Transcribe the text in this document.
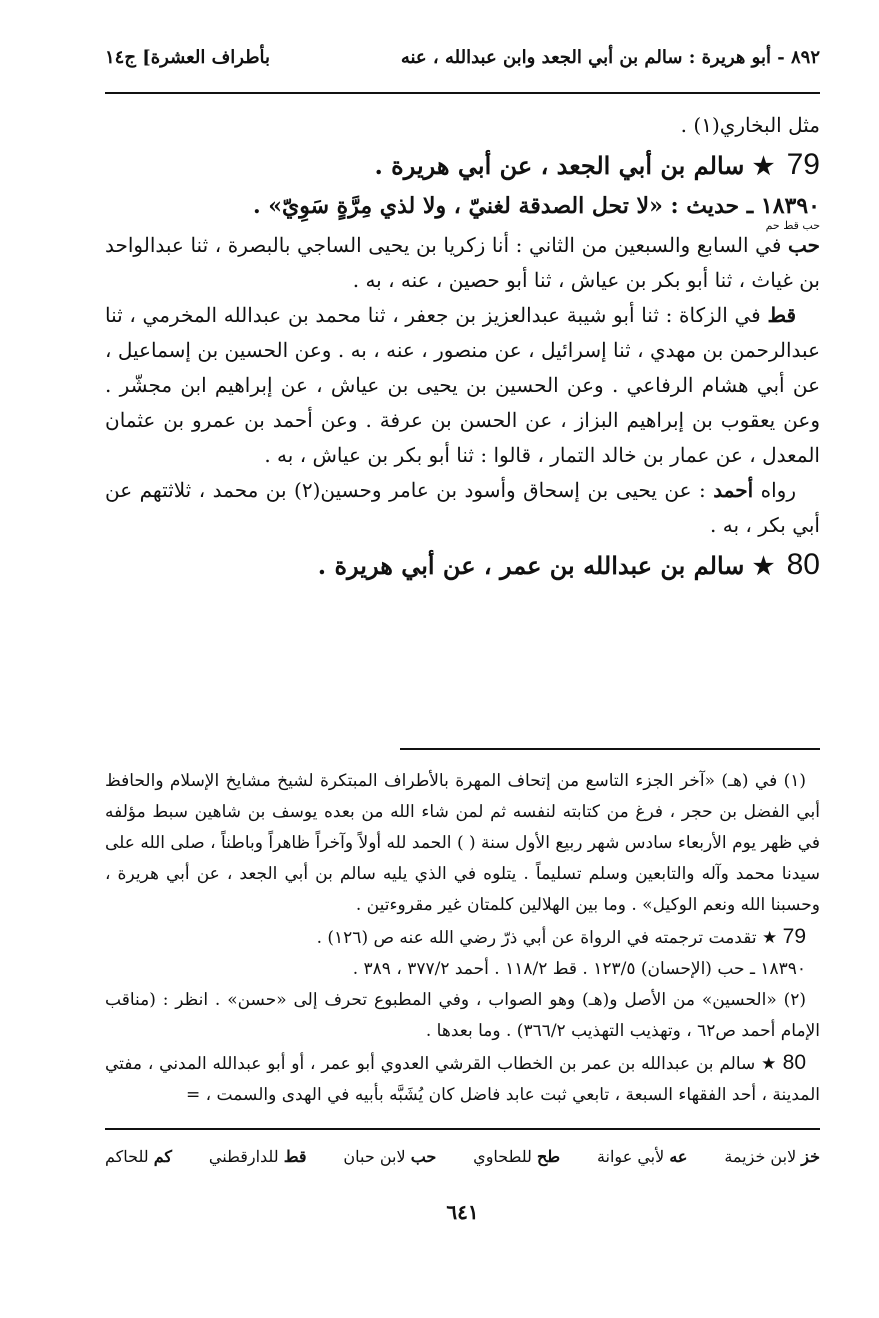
٨٩٢ - أبو هريرة : سالم بن أبي الجعد وابن عبدالله ، عنه
بأطراف العشرة] ج١٤

مثل البخاري(١) .

79 ★ سالم بن أبي الجعد ، عن أبي هريرة .

١٨٣٩٠ ـ حديث : «لا تحل الصدقة لغنيّ ، ولا لذي مِرَّةٍ سَوِيّ» .

حب قط حم

حب في السابع والسبعين من الثاني : أنا زكريا بن يحيى الساجي بالبصرة ، ثنا عبدالواحد بن غياث ، ثنا أبو بكر بن عياش ، ثنا أبو حصين ، عنه ، به .

قط في الزكاة : ثنا أبو شيبة عبدالعزيز بن جعفر ، ثنا محمد بن عبدالله المخرمي ، ثنا عبدالرحمن بن مهدي ، ثنا إسرائيل ، عن منصور ، عنه ، به . وعن الحسين بن إسماعيل ، عن أبي هشام الرفاعي . وعن الحسين بن يحيى بن عياش ، عن إبراهيم ابن مجشّر . وعن يعقوب بن إبراهيم البزاز ، عن الحسن بن عرفة . وعن أحمد بن عمرو بن عثمان المعدل ، عن عمار بن خالد التمار ، قالوا : ثنا أبو بكر بن عياش ، به .

رواه أحمد : عن يحيى بن إسحاق وأسود بن عامر وحسين(٢) بن محمد ، ثلاثتهم عن أبي بكر ، به .

80 ★ سالم بن عبدالله بن عمر ، عن أبي هريرة .

(١) في (هـ) «آخر الجزء التاسع من إتحاف المهرة بالأطراف المبتكرة لشيخ مشايخ الإسلام والحافظ أبي الفضل بن حجر ، فرغ من كتابته لنفسه ثم لمن شاء الله من بعده يوسف بن شاهين سبط مؤلفه في ظهر يوم الأربعاء سادس شهر ربيع الأول سنة ( ) الحمد لله أولاً وآخراً ظاهراً وباطناً ، صلى الله على سيدنا محمد وآله والتابعين وسلم تسليماً . يتلوه في الذي يليه سالم بن أبي الجعد ، عن أبي هريرة ، وحسبنا الله ونعم الوكيل» . وما بين الهلالين كلمتان غير مقروءتين .

79 ★ تقدمت ترجمته في الرواة عن أبي ذرّ رضي الله عنه ص (١٢٦) .

١٨٣٩٠ ـ حب (الإحسان) ١٢٣/٥ . قط ١١٨/٢ . أحمد ٣٧٧/٢ ، ٣٨٩ .

(٢) «الحسين» من الأصل و(هـ) وهو الصواب ، وفي المطبوع تحرف إلى «حسن» . انظر : (مناقب الإمام أحمد ص٦٢ ، وتهذيب التهذيب ٣٦٦/٢) . وما بعدها .

80 ★ سالم بن عبدالله بن عمر بن الخطاب القرشي العدوي أبو عمر ، أو أبو عبدالله المدني ، مفتي المدينة ، أحد الفقهاء السبعة ، تابعي ثبت عابد فاضل كان يُشَبَّه بأبيه في الهدى والسمت ، =

خز لابن خزيمة
عه لأبي عوانة
طح للطحاوي
حب لابن حبان
قط للدارقطني
كم للحاكم
٦٤١
